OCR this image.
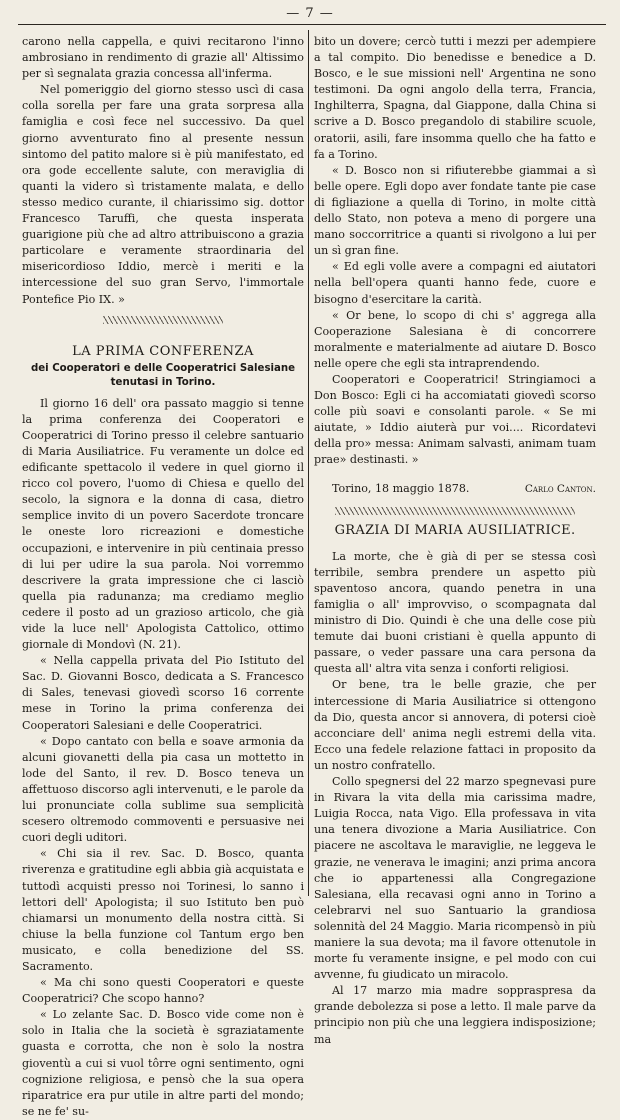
— 7 —

carono nella cappella, e quivi recitarono l'inno ambrosiano in rendimento di grazie all' Altissimo per sì segnalata grazia concessa all'inferma.

Nel pomeriggio del giorno stesso uscì di casa colla sorella per fare una grata sorpresa alla famiglia e così fece nel successivo. Da quel giorno avventurato fino al presente nessun sintomo del patito malore si è più manifestato, ed ora gode eccellente salute, con meraviglia di quanti la videro sì tristamente malata, e dello stesso medico curante, il chiarissimo sig. dottor Francesco Taruffi, che questa insperata guarigione più che ad altro attribuiscono a grazia particolare e veramente straordinaria del misericordioso Iddio, mercè i meriti e la intercessione del suo gran Servo, l'immortale Pontefice Pio IX. »

LA PRIMA CONFERENZA
dei Cooperatori e delle Cooperatrici Salesiane tenutasi in Torino.

Il giorno 16 dell' ora passato maggio si tenne la prima conferenza dei Cooperatori e Cooperatrici di Torino presso il celebre santuario di Maria Ausiliatrice. Fu veramente un dolce ed edificante spettacolo il vedere in quel giorno il ricco col povero, l'uomo di Chiesa e quello del secolo, la signora e la donna di casa, dietro semplice invito di un povero Sacerdote troncare le oneste loro ricreazioni e domestiche occupazioni, e intervenire in più centinaia presso di lui per udire la sua parola. Noi vorremmo descrivere la grata impressione che ci lasciò quella pia radunanza; ma crediamo meglio cedere il posto ad un grazioso articolo, che già vide la luce nell' Apologista Cattolico, ottimo giornale di Mondovì (N. 21).

« Nella cappella privata del Pio Istituto del Sac. D. Giovanni Bosco, dedicata a S. Francesco di Sales, tenevasi giovedì scorso 16 corrente mese in Torino la prima conferenza dei Cooperatori Salesiani e delle Cooperatrici.

« Dopo cantato con bella e soave armonia da alcuni giovanetti della pia casa un mottetto in lode del Santo, il rev. D. Bosco teneva un affettuoso discorso agli intervenuti, e le parole da lui pronunciate colla sublime sua semplicità scesero oltremodo commoventi e persuasive nei cuori degli uditori.

« Chi sia il rev. Sac. D. Bosco, quanta riverenza e gratitudine egli abbia già acquistata e tuttodì acquisti presso noi Torinesi, lo sanno i lettori dell' Apologista; il suo Istituto ben può chiamarsi un monumento della nostra città. Si chiuse la bella funzione col Tantum ergo ben musicato, e colla benedizione del SS. Sacramento.

« Ma chi sono questi Cooperatori e queste Cooperatrici? Che scopo hanno?

« Lo zelante Sac. D. Bosco vide come non è solo in Italia che la società è sgraziatamente guasta e corrotta, che non è solo la nostra gioventù a cui si vuol tôrre ogni sentimento, ogni cognizione religiosa, e pensò che la sua opera riparatrice era pur utile in altre parti del mondo; se ne fe' su-

bito un dovere; cercò tutti i mezzi per adempiere a tal compito. Dio benedisse e benedice a D. Bosco, e le sue missioni nell' Argentina ne sono testimoni. Da ogni angolo della terra, Francia, Inghilterra, Spagna, dal Giappone, dalla China si scrive a D. Bosco pregandolo di stabilire scuole, oratorii, asili, fare insomma quello che ha fatto e fa a Torino.

« D. Bosco non si rifiuterebbe giammai a sì belle opere. Egli dopo aver fondate tante pie case di figliazione a quella di Torino, in molte città dello Stato, non poteva a meno di porgere una mano soccorritrice a quanti si rivolgono a lui per un sì gran fine.

« Ed egli volle avere a compagni ed aiutatori nella bell'opera quanti hanno fede, cuore e bisogno d'esercitare la carità.

« Or bene, lo scopo di chi s' aggrega alla Cooperazione Salesiana è di concorrere moralmente e materialmente ad aiutare D. Bosco nelle opere che egli sta intraprendendo.

Cooperatori e Cooperatrici! Stringiamoci a Don Bosco: Egli ci ha accomiatati giovedì scorso colle più soavi e consolanti parole. « Se mi aiutate, » Iddio aiuterà pur voi.... Ricordatevi della pro» messa: Animam salvasti, animam tuam prae» destinasti. »

Torino, 18 maggio 1878.	Carlo Canton.
GRAZIA DI MARIA AUSILIATRICE.

La morte, che è già di per se stessa così terribile, sembra prendere un aspetto più spaventoso ancora, quando penetra in una famiglia o all' improvviso, o scompagnata dal ministro di Dio. Quindi è che una delle cose più temute dai buoni cristiani è quella appunto di passare, o veder passare una cara persona da questa all' altra vita senza i conforti religiosi.

Or bene, tra le belle grazie, che per intercessione di Maria Ausiliatrice si ottengono da Dio, questa ancor si annovera, di potersi cioè acconciare dell' anima negli estremi della vita. Ecco una fedele relazione fattaci in proposito da un nostro confratello.

Collo spegnersi del 22 marzo spegnevasi pure in Rivara la vita della mia carissima madre, Luigia Rocca, nata Vigo. Ella professava in vita una tenera divozione a Maria Ausiliatrice. Con piacere ne ascoltava le maraviglie, ne leggeva le grazie, ne venerava le imagini; anzi prima ancora che io appartenessi alla Congregazione Salesiana, ella recavasi ogni anno in Torino a celebrarvi nel suo Santuario la grandiosa solennità del 24 Maggio. Maria ricompensò in più maniere la sua devota; ma il favore ottenutole in morte fu veramente insigne, e pel modo con cui avvenne, fu giudicato un miracolo.

Al 17 marzo mia madre soppraspresa da grande debolezza si pose a letto. Il male parve da principio non più che una leggiera indisposizione; ma
